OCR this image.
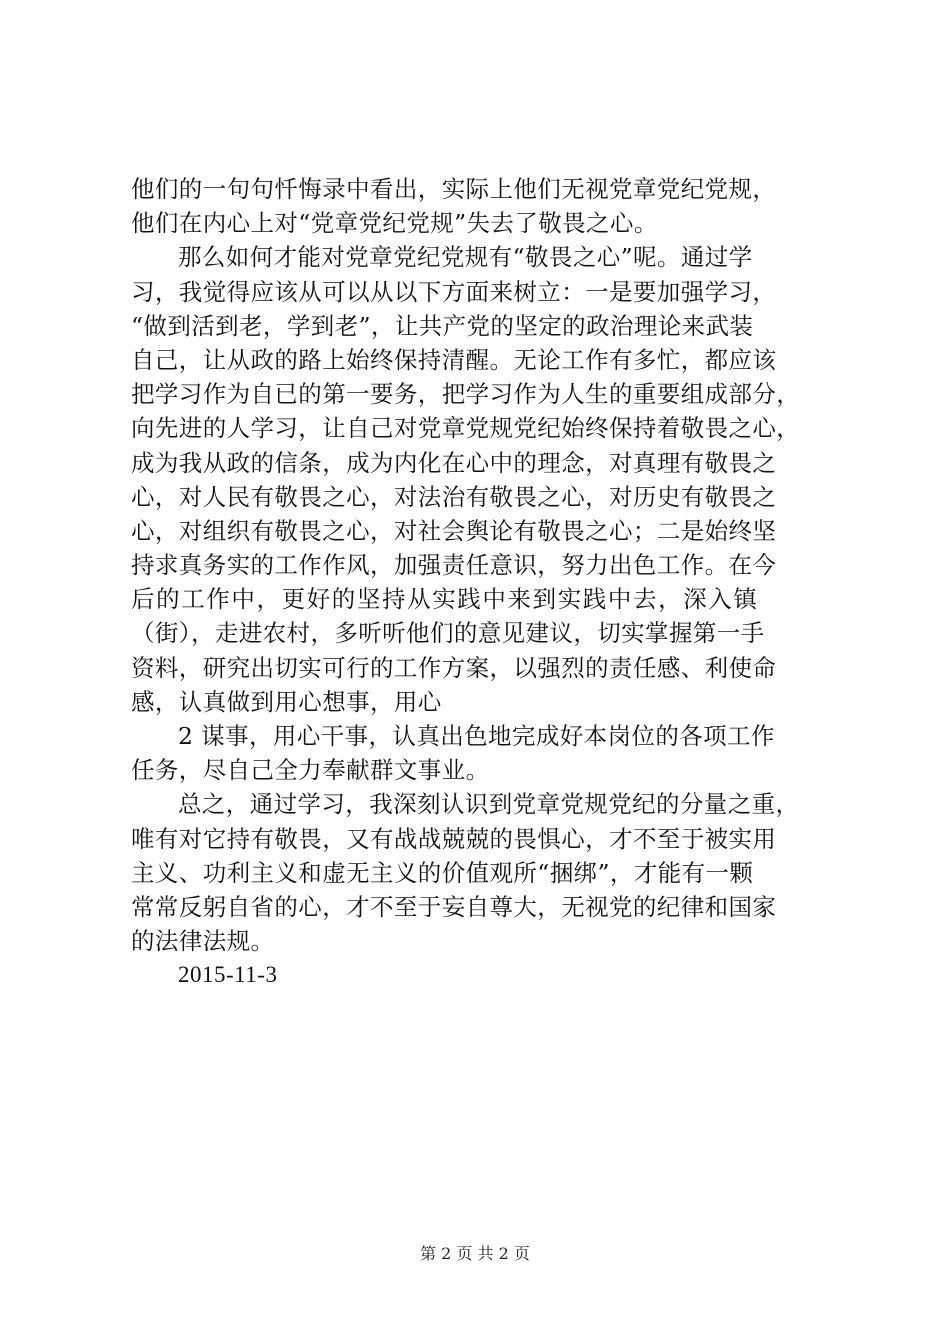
他们的一句句忏悔录中看出，实际上他们无视党章党纪党规，
他们在内心上对“党章党纪党规”失去了敬畏之心。
那么如何才能对党章党纪党规有“敬畏之心”呢。通过学
习，我觉得应该从可以从以下方面来树立：一是要加强学习，
“做到活到老，学到老”，让共产党的坚定的政治理论来武装
自己，让从政的路上始终保持清醒。无论工作有多忙，都应该
把学习作为自已的第一要务，把学习作为人生的重要组成部分，
向先进的人学习，让自己对党章党规党纪始终保持着敬畏之心，
成为我从政的信条，成为内化在心中的理念，对真理有敬畏之
心，对人民有敬畏之心，对法治有敬畏之心，对历史有敬畏之
心，对组织有敬畏之心，对社会舆论有敬畏之心；二是始终坚
持求真务实的工作作风，加强责任意识，努力出色工作。在今
后的工作中，更好的坚持从实践中来到实践中去，深入镇
（街），走进农村，多听听他们的意见建议，切实掌握第一手
资料，研究出切实可行的工作方案，以强烈的责任感、利使命
感，认真做到用心想事，用心
2 谋事，用心干事，认真出色地完成好本岗位的各项工作
任务，尽自己全力奉献群文事业。
总之，通过学习，我深刻认识到党章党规党纪的分量之重，
唯有对它持有敬畏，又有战战兢兢的畏惧心，才不至于被实用
主义、功利主义和虚无主义的价值观所“捆绑”，才能有一颗
常常反躬自省的心，才不至于妄自尊大，无视党的纪律和国家
的法律法规。
2015-11-3
第 2 页 共 2 页
